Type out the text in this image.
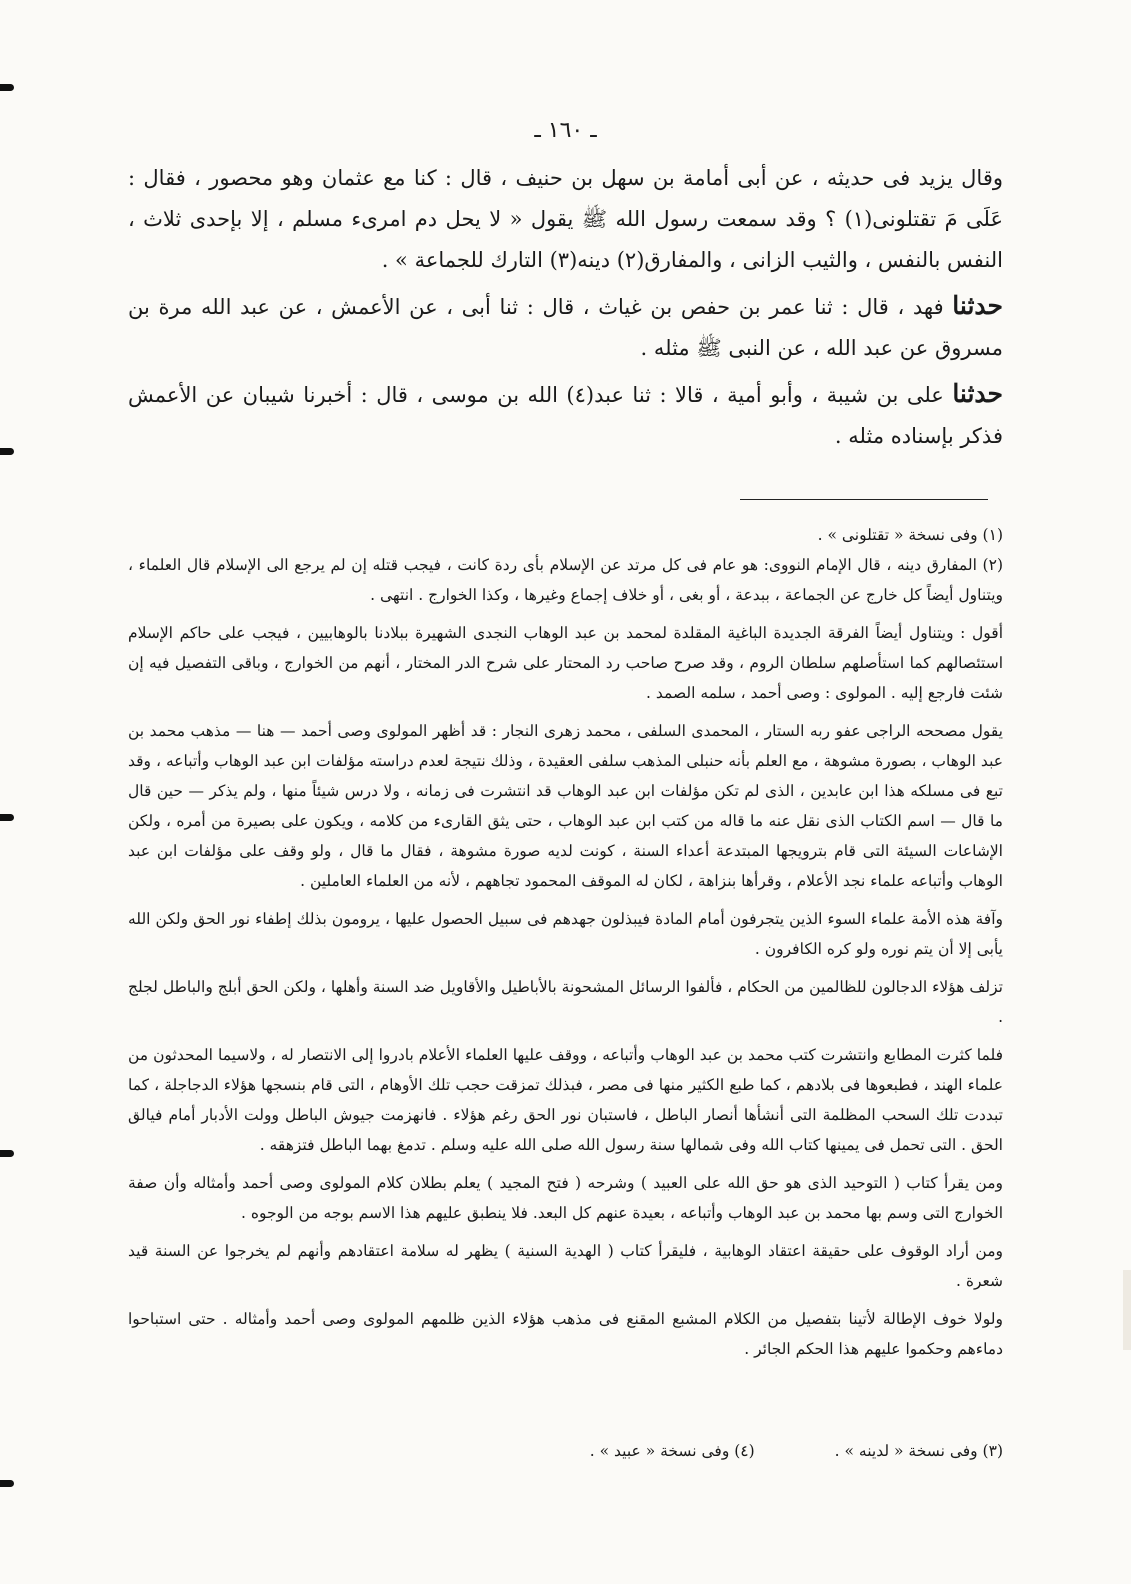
ـ ١٦٠ ـ

وقال يزيد فى حديثه ، عن أبى أمامة بن سهل بن حنيف ، قال : كنا مع عثمان وهو محصور ، فقال : عَلَى مَ تقتلونى(١) ؟ وقد سمعت رسول الله ﷺ يقول « لا يحل دم امرىء مسلم ، إلا بإحدى ثلاث ، النفس بالنفس ، والثيب الزانى ، والمفارق(٢) دينه(٣) التارك للجماعة » .

حدثنا فهد ، قال : ثنا عمر بن حفص بن غياث ، قال : ثنا أبى ، عن الأعمش ، عن عبد الله مرة بن مسروق عن عبد الله ، عن النبى ﷺ مثله .

حدثنا على بن شيبة ، وأبو أمية ، قالا : ثنا عبد(٤) الله بن موسى ، قال : أخبرنا شيبان عن الأعمش فذكر بإسناده مثله .

(١) وفى نسخة « تقتلونى » .

(٢) المفارق دينه ، قال الإمام النووى: هو عام فى كل مرتد عن الإسلام بأى ردة كانت ، فيجب قتله إن لم يرجع الى الإسلام قال العلماء ، ويتناول أيضاً كل خارج عن الجماعة ، ببدعة ، أو بغى ، أو خلاف إجماع وغيرها ، وكذا الخوارج . انتهى .

أقول : ويتناول أيضاً الفرقة الجديدة الباغية المقلدة لمحمد بن عبد الوهاب النجدى الشهيرة ببلادنا بالوهابيين ، فيجب على حاكم الإسلام استئصالهم كما استأصلهم سلطان الروم ، وقد صرح صاحب رد المحتار على شرح الدر المختار ، أنهم من الخوارج ، وباقى التفصيل فيه إن شئت فارجع إليه . المولوى : وصى أحمد ، سلمه الصمد .

يقول مصححه الراجى عفو ربه الستار ، المحمدى السلفى ، محمد زهرى النجار : قد أظهر المولوى وصى أحمد — هنا — مذهب محمد بن عبد الوهاب ، بصورة مشوهة ، مع العلم بأنه حنبلى المذهب سلفى العقيدة ، وذلك نتيجة لعدم دراسته مؤلفات ابن عبد الوهاب وأتباعه ، وقد تبع فى مسلكه هذا ابن عابدين ، الذى لم تكن مؤلفات ابن عبد الوهاب قد انتشرت فى زمانه ، ولا درس شيئاً منها ، ولم يذكر — حين قال ما قال — اسم الكتاب الذى نقل عنه ما قاله من كتب ابن عبد الوهاب ، حتى يثق القارىء من كلامه ، ويكون على بصيرة من أمره ، ولكن الإشاعات السيئة التى قام بترويجها المبتدعة أعداء السنة ، كونت لديه صورة مشوهة ، فقال ما قال ، ولو وقف على مؤلفات ابن عبد الوهاب وأتباعه علماء نجد الأعلام ، وقرأها بنزاهة ، لكان له الموقف المحمود تجاههم ، لأنه من العلماء العاملين .

وآفة هذه الأمة علماء السوء الذين يتجرفون أمام المادة فيبذلون جهدهم فى سبيل الحصول عليها ، يرومون بذلك إطفاء نور الحق ولكن الله يأبى إلا أن يتم نوره ولو كره الكافرون .

تزلف هؤلاء الدجالون للظالمين من الحكام ، فألفوا الرسائل المشحونة بالأباطيل والأقاويل ضد السنة وأهلها ، ولكن الحق أبلج والباطل لجلج .

فلما كثرت المطابع وانتشرت كتب محمد بن عبد الوهاب وأتباعه ، ووقف عليها العلماء الأعلام بادروا إلى الانتصار له ، ولاسيما المحدثون من علماء الهند ، فطبعوها فى بلادهم ، كما طبع الكثير منها فى مصر ، فبذلك تمزقت حجب تلك الأوهام ، التى قام بنسجها هؤلاء الدجاجلة ، كما تبددت تلك السحب المظلمة التى أنشأها أنصار الباطل ، فاستبان نور الحق رغم هؤلاء . فانهزمت جيوش الباطل وولت الأدبار أمام فيالق الحق . التى تحمل فى يمينها كتاب الله وفى شمالها سنة رسول الله صلى الله عليه وسلم . تدمغ بهما الباطل فتزهقه .

ومن يقرأ كتاب ( التوحيد الذى هو حق الله على العبيد ) وشرحه ( فتح المجيد ) يعلم بطلان كلام المولوى وصى أحمد وأمثاله وأن صفة الخوارج التى وسم بها محمد بن عبد الوهاب وأتباعه ، بعيدة عنهم كل البعد. فلا ينطبق عليهم هذا الاسم بوجه من الوجوه .

ومن أراد الوقوف على حقيقة اعتقاد الوهابية ، فليقرأ كتاب ( الهدية السنية ) يظهر له سلامة اعتقادهم وأنهم لم يخرجوا عن السنة قيد شعرة .

ولولا خوف الإطالة لأتينا بتفصيل من الكلام المشبع المقنع فى مذهب هؤلاء الذين ظلمهم المولوى وصى أحمد وأمثاله . حتى استباحوا دماءهم وحكموا عليهم هذا الحكم الجائر .

(٣) وفى نسخة « لدينه » .
(٤) وفى نسخة « عبيد » .
